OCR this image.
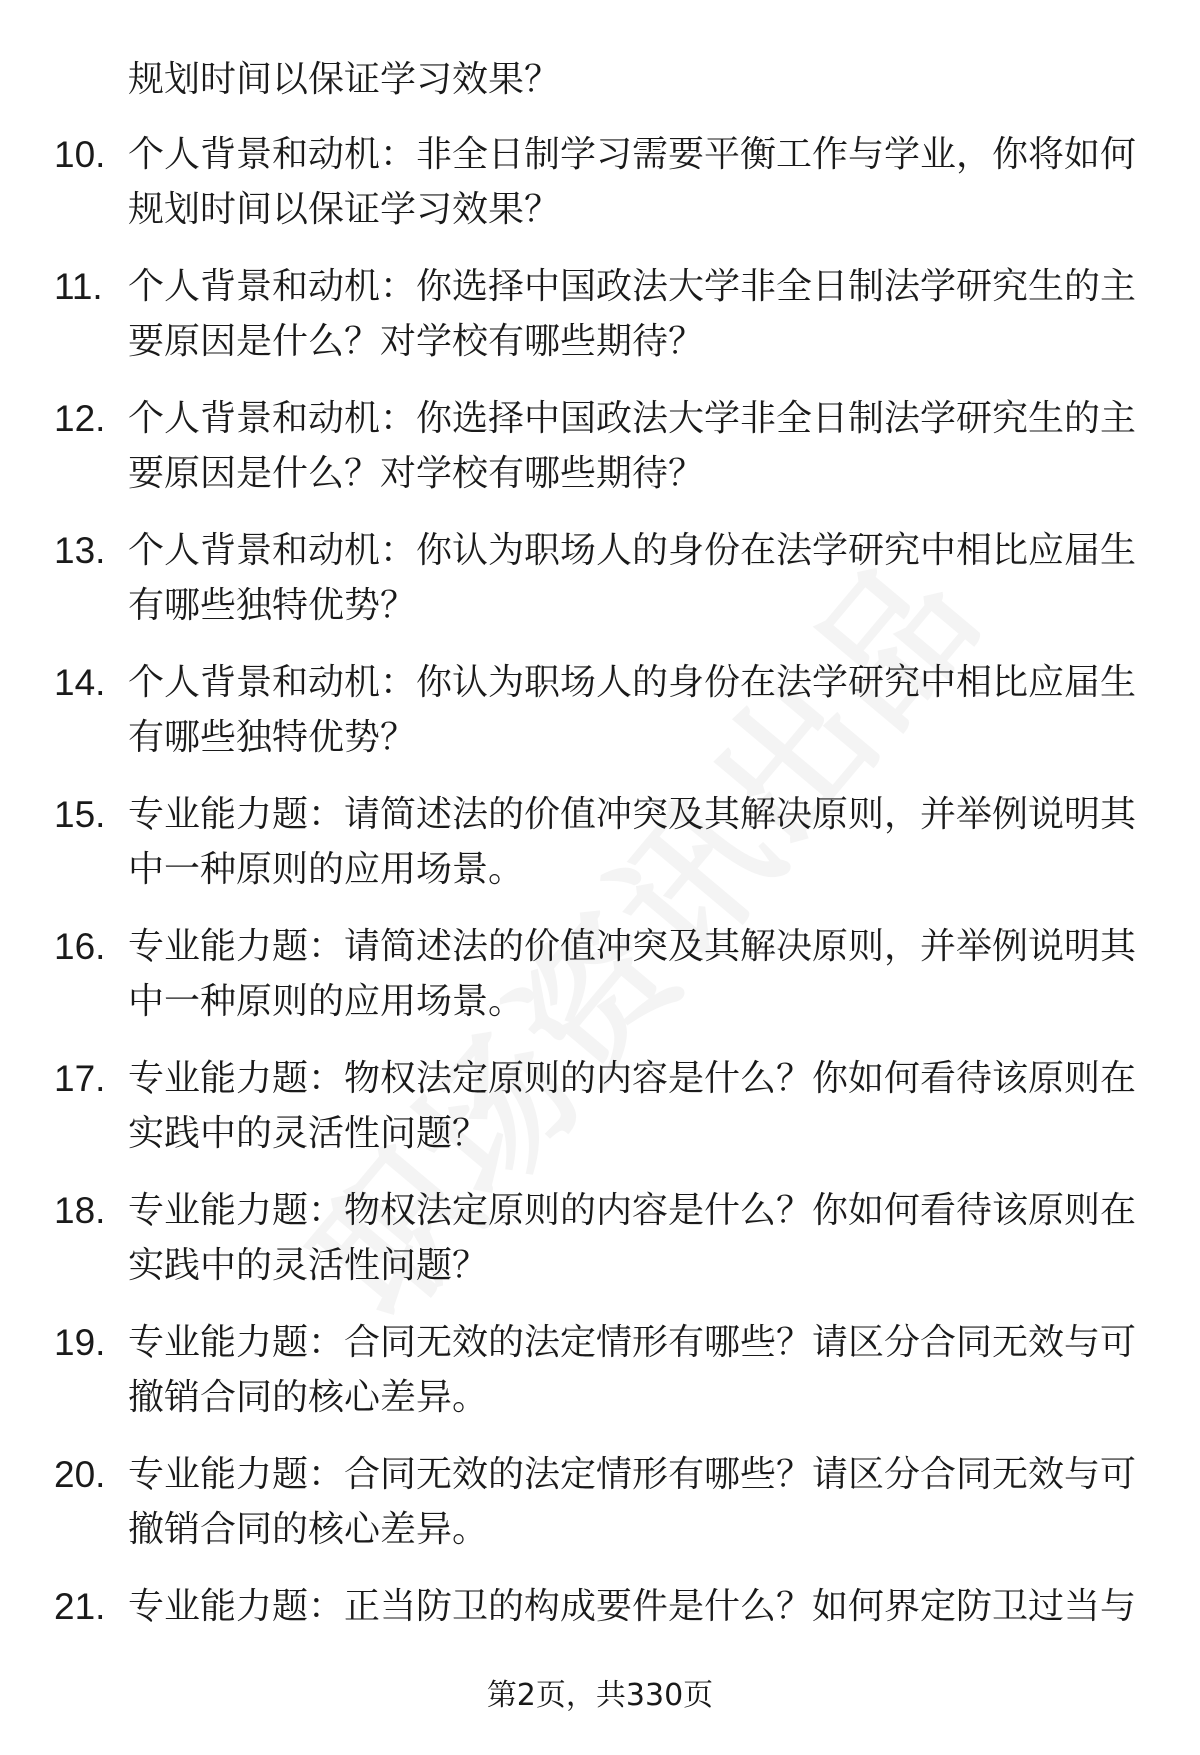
规划时间以保证学习效果？
10. 个人背景和动机：非全日制学习需要平衡工作与学业，你将如何规划时间以保证学习效果？
11. 个人背景和动机：你选择中国政法大学非全日制法学研究生的主要原因是什么？对学校有哪些期待？
12. 个人背景和动机：你选择中国政法大学非全日制法学研究生的主要原因是什么？对学校有哪些期待？
13. 个人背景和动机：你认为职场人的身份在法学研究中相比应届生有哪些独特优势？
14. 个人背景和动机：你认为职场人的身份在法学研究中相比应届生有哪些独特优势？
15. 专业能力题：请简述法的价值冲突及其解决原则，并举例说明其中一种原则的应用场景。
16. 专业能力题：请简述法的价值冲突及其解决原则，并举例说明其中一种原则的应用场景。
17. 专业能力题：物权法定原则的内容是什么？你如何看待该原则在实践中的灵活性问题？
18. 专业能力题：物权法定原则的内容是什么？你如何看待该原则在实践中的灵活性问题？
19. 专业能力题：合同无效的法定情形有哪些？请区分合同无效与可撤销合同的核心差异。
20. 专业能力题：合同无效的法定情形有哪些？请区分合同无效与可撤销合同的核心差异。
21. 专业能力题：正当防卫的构成要件是什么？如何界定防卫过当与
第2页，共330页
